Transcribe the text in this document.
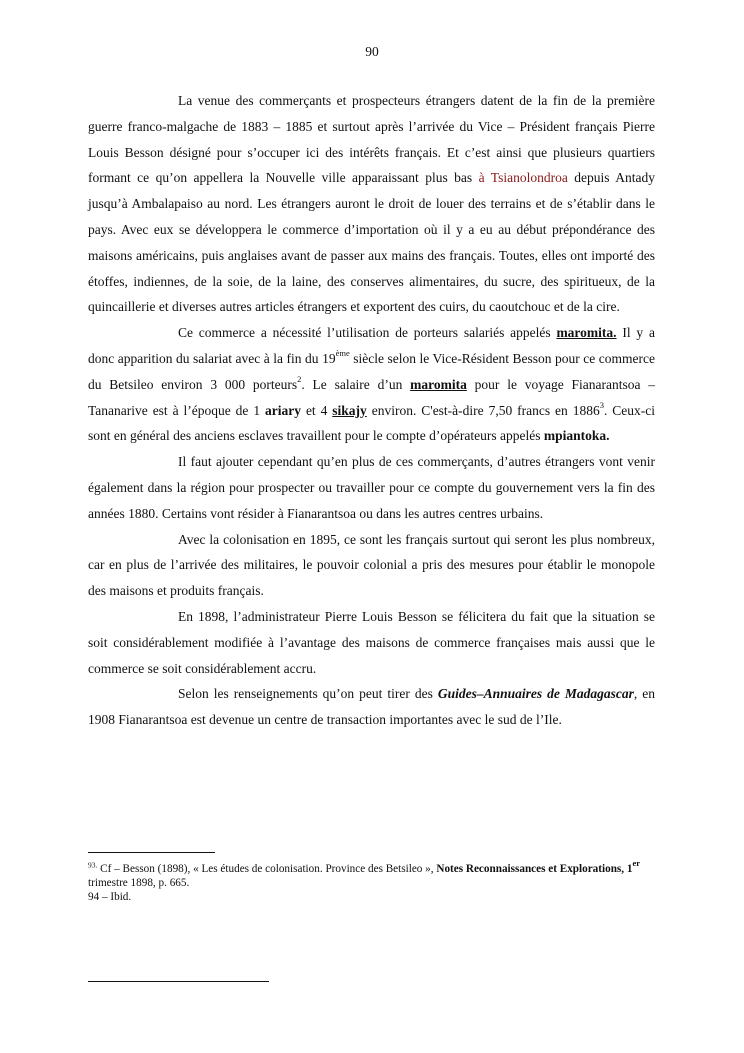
90

La venue des commerçants et prospecteurs étrangers datent de la fin de la première guerre franco-malgache de 1883 – 1885 et surtout après l’arrivée du Vice – Président français Pierre Louis Besson désigné pour s’occuper ici des intérêts français. Et c’est ainsi que plusieurs quartiers formant ce qu’on appellera la Nouvelle ville apparaissant plus bas à Tsianolondroa depuis Antady jusqu’à Ambalapaiso au nord. Les étrangers auront le droit de louer des terrains et de s’établir dans le pays. Avec eux se développera le commerce d’importation où il y a eu au début prépondérance des maisons américains, puis anglaises avant de passer aux mains des français. Toutes, elles ont importé des étoffes, indiennes, de la soie, de la laine, des conserves alimentaires, du sucre, des spiritueux, de la quincaillerie et diverses autres articles étrangers et exportent des cuirs, du caoutchouc et de la cire.

Ce commerce a nécessité l’utilisation de porteurs salariés appelés maromita. Il y a donc apparition du salariat avec à la fin du 19ème siècle selon le Vice-Résident Besson pour ce commerce du Betsileo environ 3 000 porteurs$^2$. Le salaire d’un maromita pour le voyage Fianarantsoa – Tananarive est à l’époque de 1 ariary et 4 sikajy environ. C'est-à-dire 7,50 francs en 1886$^3$. Ceux-ci sont en général des anciens esclaves travaillent pour le compte d’opérateurs appelés mpiantoka.

Il faut ajouter cependant qu’en plus de ces commerçants, d’autres étrangers vont venir également dans la région pour prospecter ou travailler pour ce compte du gouvernement vers la fin des années 1880. Certains vont résider à Fianarantsoa ou dans les autres centres urbains.

Avec la colonisation en 1895, ce sont les français surtout qui seront les plus nombreux, car en plus de l’arrivée des militaires, le pouvoir colonial a pris des mesures pour établir le monopole des maisons et produits français.

En 1898, l’administrateur Pierre Louis Besson se félicitera du fait que la situation se soit considérablement modifiée à l’avantage des maisons de commerce françaises mais aussi que le commerce se soit considérablement accru.

Selon les renseignements qu’on peut tirer des Guides–Annuaires de Madagascar, en 1908 Fianarantsoa est devenue un centre de transaction importantes avec le sud de l’Ile.

$^{93.}$ Cf – Besson (1898), « Les études de colonisation. Province des Betsileo », Notes Reconnaissances et Explorations, 1er trimestre 1898, p. 665.
94 – Ibid.
